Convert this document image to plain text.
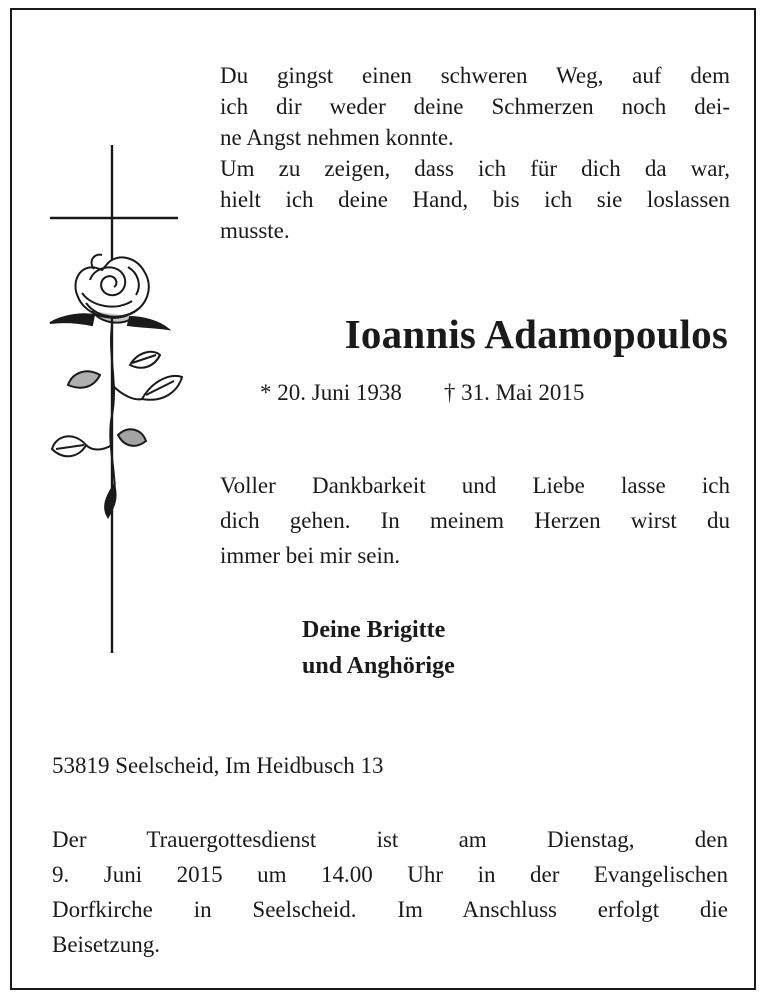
Du gingst einen schweren Weg, auf dem
ich dir weder deine Schmerzen noch dei-
ne Angst nehmen konnte.
Um zu zeigen, dass ich für dich da war,
hielt ich deine Hand, bis ich sie loslassen
musste.
Ioannis Adamopoulos
* 20. Juni 1938 † 31. Mai 2015
Voller Dankbarkeit und Liebe lasse ich
dich gehen. In meinem Herzen wirst du
immer bei mir sein.
Deine Brigitte
und Anghörige
53819 Seelscheid, Im Heidbusch 13
Der Trauergottesdienst ist am Dienstag, den
9. Juni 2015 um 14.00 Uhr in der Evangelischen
Dorfkirche in Seelscheid. Im Anschluss erfolgt die
Beisetzung.
